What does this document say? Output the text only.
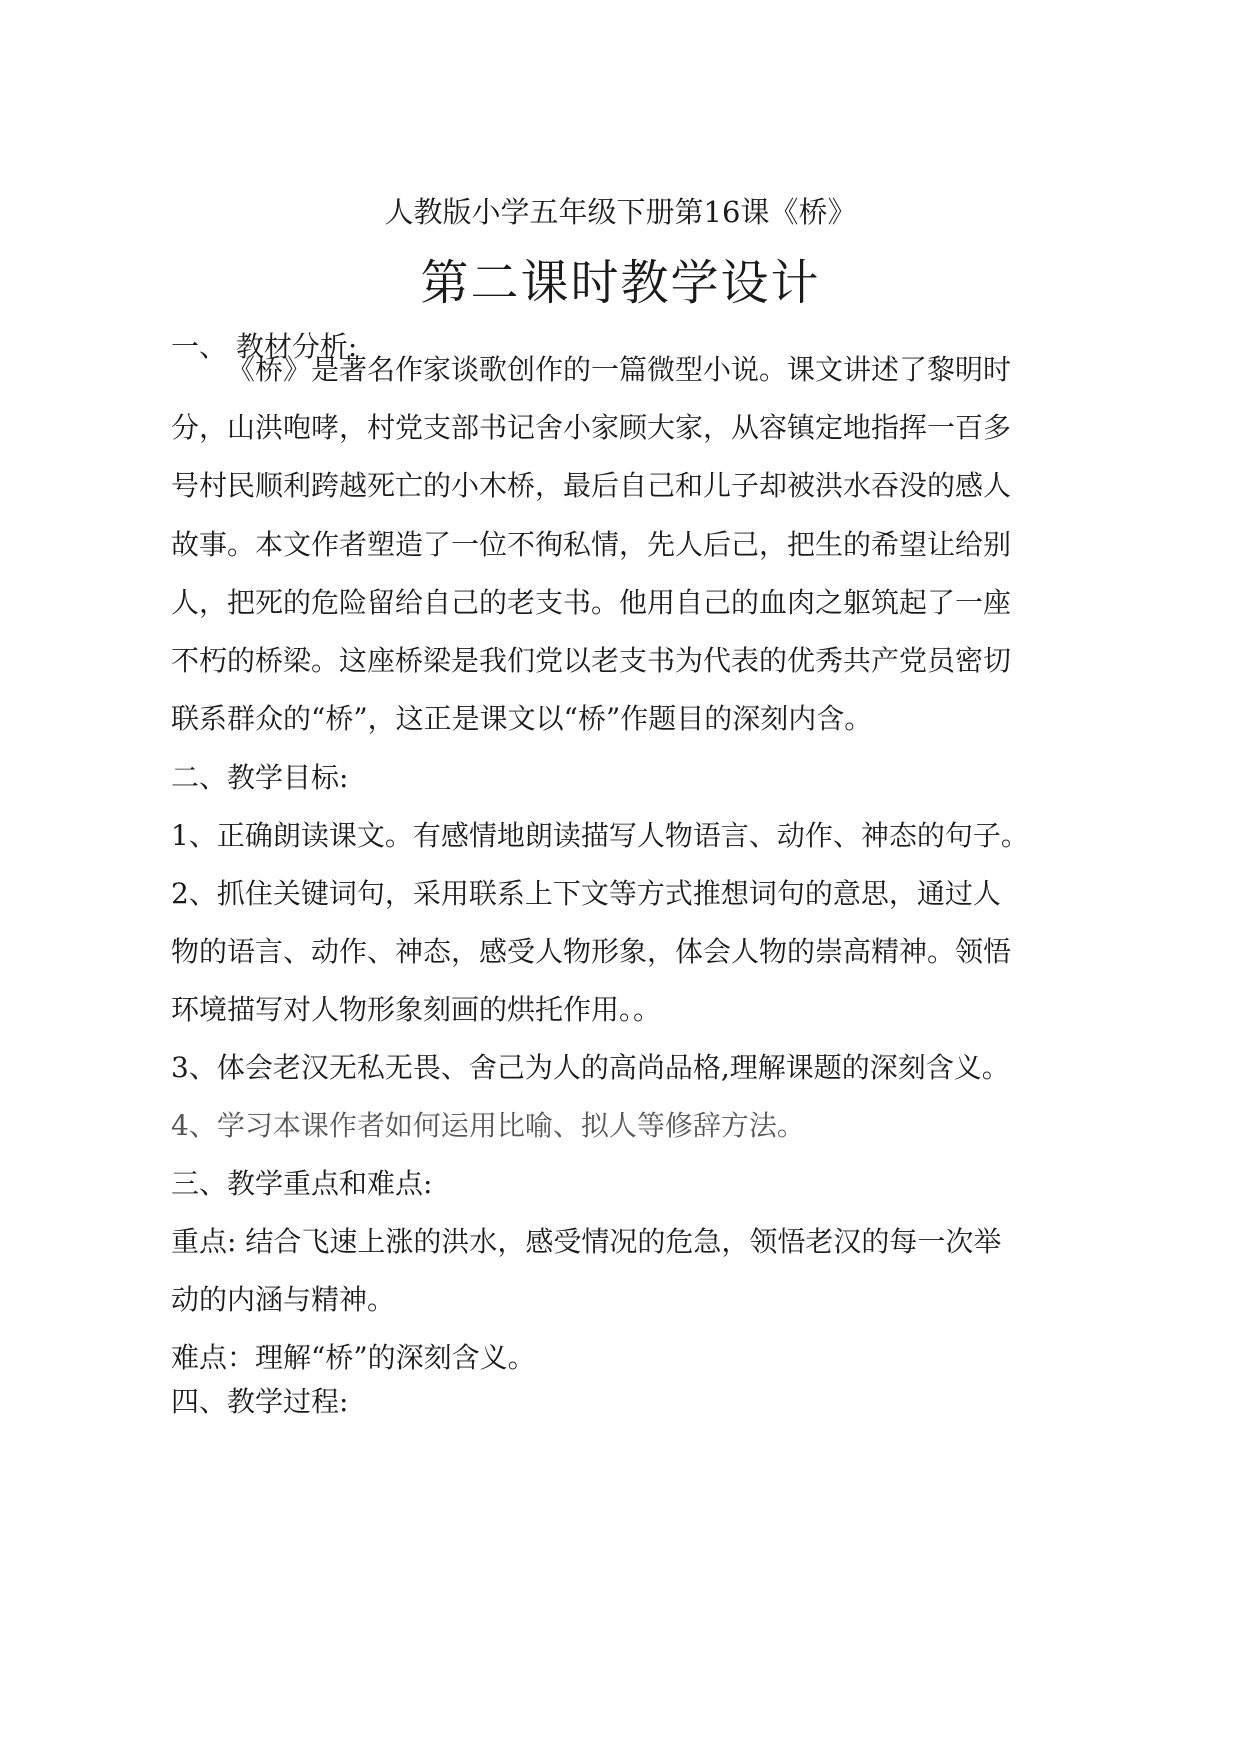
人教版小学五年级下册第16课《桥》
第二课时教学设计
一、 教材分析:
《桥》是著名作家谈歌创作的一篇微型小说。课文讲述了黎明时
分，山洪咆哮，村党支部书记舍小家顾大家，从容镇定地指挥一百多
号村民顺利跨越死亡的小木桥，最后自己和儿子却被洪水吞没的感人
故事。本文作者塑造了一位不徇私情，先人后己，把生的希望让给别
人，把死的危险留给自己的老支书。他用自己的血肉之躯筑起了一座
不朽的桥梁。这座桥梁是我们党以老支书为代表的优秀共产党员密切
联系群众的“桥”，这正是课文以“桥”作题目的深刻内含。
二、教学目标:
1、正确朗读课文。有感情地朗读描写人物语言、动作、神态的句子。
2、抓住关键词句，采用联系上下文等方式推想词句的意思，通过人
物的语言、动作、神态，感受人物形象，体会人物的崇高精神。领悟
环境描写对人物形象刻画的烘托作用。。
3、体会老汉无私无畏、舍己为人的高尚品格,理解课题的深刻含义。
4、学习本课作者如何运用比喻、拟人等修辞方法。
三、教学重点和难点:
重点: 结合飞速上涨的洪水，感受情况的危急，领悟老汉的每一次举
动的内涵与精神。
难点：理解“桥”的深刻含义。
四、教学过程:
